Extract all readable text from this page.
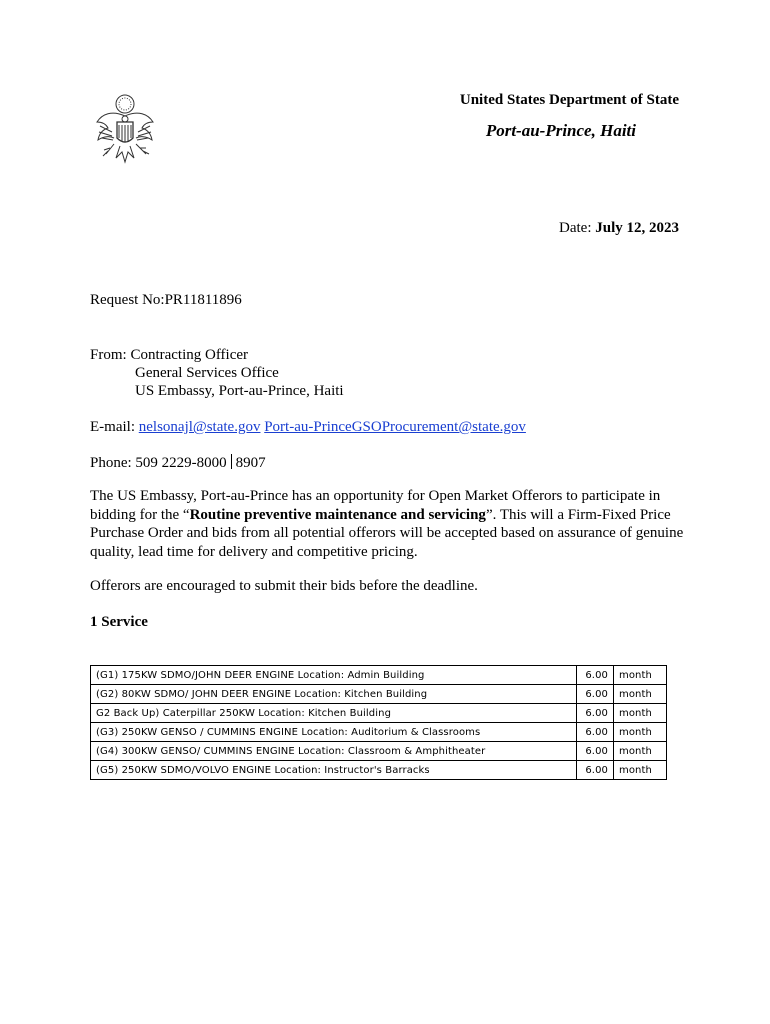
United States Department of State
Port-au-Prince, Haiti
Date: July 12, 2023
Request No:PR11811896
From: Contracting Officer
General Services Office
US Embassy, Port-au-Prince, Haiti
E-mail: nelsonajl@state.gov Port-au-PrinceGSOProcurement@state.gov
Phone: 509 2229-8000 8907
The US Embassy, Port-au-Prince has an opportunity for Open Market Offerors to participate in bidding for the “Routine preventive maintenance and servicing”. This will a Firm-Fixed Price Purchase Order and bids from all potential offerors will be accepted based on assurance of genuine quality, lead time for delivery and competitive pricing.
Offerors are encouraged to submit their bids before the deadline.
1 Service
(G1) 175KW SDMO/JOHN DEER ENGINE Location: Admin Building	6.00	month
(G2) 80KW SDMO/ JOHN DEER ENGINE Location: Kitchen Building	6.00	month
G2 Back Up) Caterpillar 250KW Location: Kitchen Building	6.00	month
(G3) 250KW GENSO / CUMMINS ENGINE Location: Auditorium & Classrooms	6.00	month
(G4) 300KW GENSO/ CUMMINS ENGINE Location: Classroom & Amphitheater	6.00	month
(G5) 250KW SDMO/VOLVO ENGINE Location: Instructor's Barracks	6.00	month
